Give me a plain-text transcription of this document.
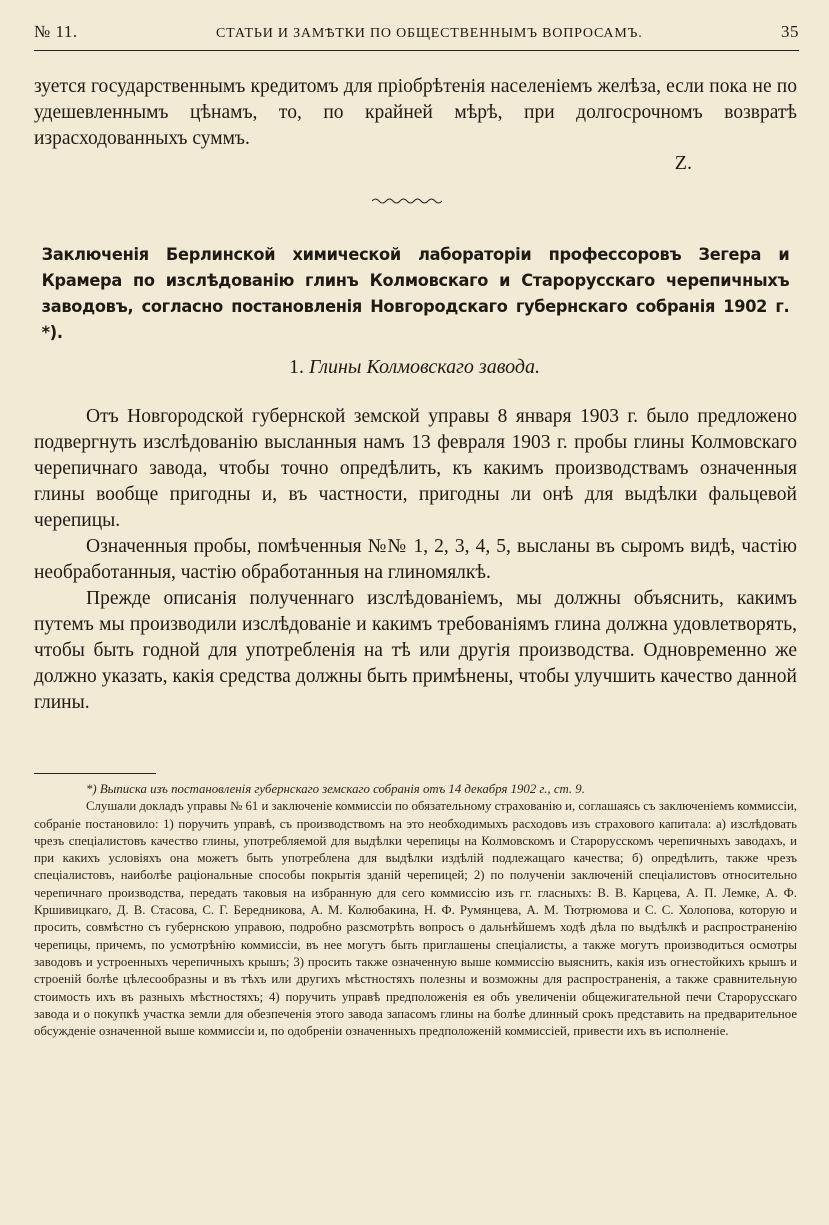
№ 11.	СТАТЬИ И ЗАМѢТКИ ПО ОБЩЕСТВЕННЫМЪ ВОПРОСАМЪ.	35
зуется государственнымъ кредитомъ для пріобрѣтенія населеніемъ желѣза, если пока не по удешевленнымъ цѣнамъ, то, по крайней мѣрѣ, при долгосрочномъ возвратѣ израсходованныхъ суммъ.
Z.
Заключенія Берлинской химической лабораторіи профессоровъ Зегера и Крамера по изслѣдованію глинъ Колмовскаго и Старорусскаго черепичныхъ заводовъ, согласно постановленія Новгородскаго губернскаго собранія 1902 г. *).
1. Глины Колмовскаго завода.

Отъ Новгородской губернской земской управы 8 января 1903 г. было предложено подвергнуть изслѣдованію высланныя намъ 13 февраля 1903 г. пробы глины Колмовскаго черепичнаго завода, чтобы точно опредѣлить, къ какимъ производствамъ означенныя глины вообще пригодны и, въ частности, пригодны ли онѣ для выдѣлки фальцевой черепицы.

Означенныя пробы, помѣченныя №№ 1, 2, 3, 4, 5, высланы въ сыромъ видѣ, частію необработанныя, частію обработанныя на глиномялкѣ.

Прежде описанія полученнаго изслѣдованіемъ, мы должны объяснить, какимъ путемъ мы производили изслѣдованіе и какимъ требованіямъ глина должна удовлетворять, чтобы быть годной для употребленія на тѣ или другія производства. Одновременно же должно указать, какія средства должны быть примѣнены, чтобы улучшить качество данной глины.

*) Выписка изъ постановленія губернскаго земскаго собранія отъ 14 декабря 1902 г., ст. 9.

Слушали докладъ управы № 61 и заключеніе коммиссіи по обязательному страхованію и, соглашаясь съ заключеніемъ коммиссіи, собраніе постановило: 1) поручить управѣ, съ производствомъ на это необходимыхъ расходовъ изъ страхового капитала: а) изслѣдовать чрезъ спеціалистовъ качество глины, употребляемой для выдѣлки черепицы на Колмовскомъ и Старорусскомъ черепичныхъ заводахъ, и при какихъ условіяхъ она можетъ быть употреблена для выдѣлки издѣлій подлежащаго качества; б) опредѣлить, также чрезъ спеціалистовъ, наиболѣе раціональные способы покрытія зданій черепицей; 2) по полученіи заключеній спеціалистовъ относительно черепичнаго производства, передать таковыя на избранную для сего коммиссію изъ гг. гласныхъ: В. В. Карцева, А. П. Лемке, А. Ф. Кршивицкаго, Д. В. Стасова, С. Г. Бередникова, А. М. Колюбакина, Н. Ф. Румянцева, А. М. Тютрюмова и С. С. Холопова, которую и просить, совмѣстно съ губернскою управою, подробно разсмотрѣть вопросъ о дальнѣйшемъ ходѣ дѣла по выдѣлкѣ и распространенію черепицы, причемъ, по усмотрѣнію коммиссіи, въ нее могутъ быть приглашены спеціалисты, а также могутъ производиться осмотры заводовъ и устроенныхъ черепичныхъ крышъ; 3) просить также означенную выше коммиссію выяснить, какія изъ огнестойкихъ крышъ и строеній болѣе цѣлесообразны и въ тѣхъ или другихъ мѣстностяхъ полезны и возможны для распространенія, а также сравнительную стоимость ихъ въ разныхъ мѣстностяхъ; 4) поручить управѣ предположенія ея объ увеличеніи общежигательной печи Старорусскаго завода и о покупкѣ участка земли для обезпеченія этого завода запасомъ глины на болѣе длинный срокъ представить на предварительное обсужденіе означенной выше коммиссіи и, по одобреніи означенныхъ предположеній коммиссіей, привести ихъ въ исполненіе.
